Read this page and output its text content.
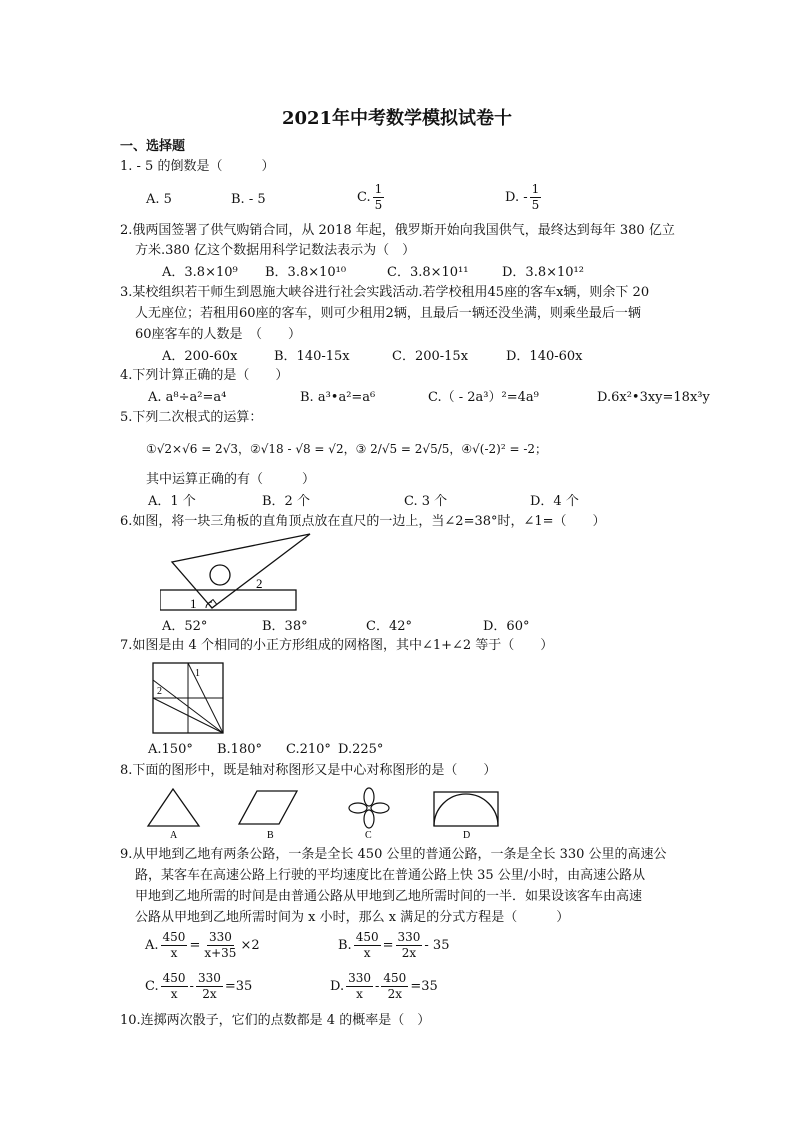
2021年中考数学模拟试卷十
一、选择题
1. - 5 的倒数是（　　　）
A. 5	B. - 5	C. $\frac{1}{5}$	D. - $\frac{1}{5}$
2.俄两国签署了供气购销合同，从 2018 年起，俄罗斯开始向我国供气，最终达到每年 380 亿立
方米.380 亿这个数据用科学记数法表示为（　）
A．3.8×10⁹ B．3.8×10¹⁰	C．3.8×10¹¹	D．3.8×10¹²
3.某校组织若干师生到恩施大峡谷进行社会实践活动.若学校租用45座的客车x辆，则余下 20
人无座位；若租用60座的客车，则可少租用2辆，且最后一辆还没坐满，则乘坐最后一辆
60座客车的人数是　（　　）
A．200-60x	B．140-15x	C．200-15x	D．140-60x
4.下列计算正确的是（　　）
A. a⁸÷a²=a⁴	B. a³•a²=a⁶	C.（ - 2a³）²=4a⁹	D.6x²•3xy=18x³y
5.下列二次根式的运算：
①√2×√6 = 2√3，②√18 - √8 = √2，③ 2/√5 = 2√5/5，④√(-2)² = -2；
其中运算正确的有（　　　）
A．1 个	B．2 个	C. 3 个	D．4 个
6.如图，将一块三角板的直角顶点放在直尺的一边上，当∠2=38°时，∠1=（　　）
1
2
A．52°	B．38°	C．42°	D．60°
7.如图是由 4 个相同的小正方形组成的网格图，其中∠1+∠2 等于（　　）
1
2
A.150° B.180° C.210° D.225°
8.下面的图形中，既是轴对称图形又是中心对称图形的是（　　）
A	B	C	D
9.从甲地到乙地有两条公路，一条是全长 450 公里的普通公路，一条是全长 330 公里的高速公
路，某客车在高速公路上行驶的平均速度比在普通公路上快 35 公里/小时，由高速公路从
甲地到乙地所需的时间是由普通公路从甲地到乙地所需时间的一半．如果设该客车由高速
公路从甲地到乙地所需时间为 x 小时，那么 x 满足的分式方程是（　　　）
A. $\frac{450}{x} = \frac{330}{x+35} \times 2$	B. $\frac{450}{x} = \frac{330}{2x} - 35$
C. $\frac{450}{x} - \frac{330}{2x} =35$	D. $\frac{330}{x} - \frac{450}{2x} =35$
10.连掷两次骰子，它们的点数都是 4 的概率是（　）
